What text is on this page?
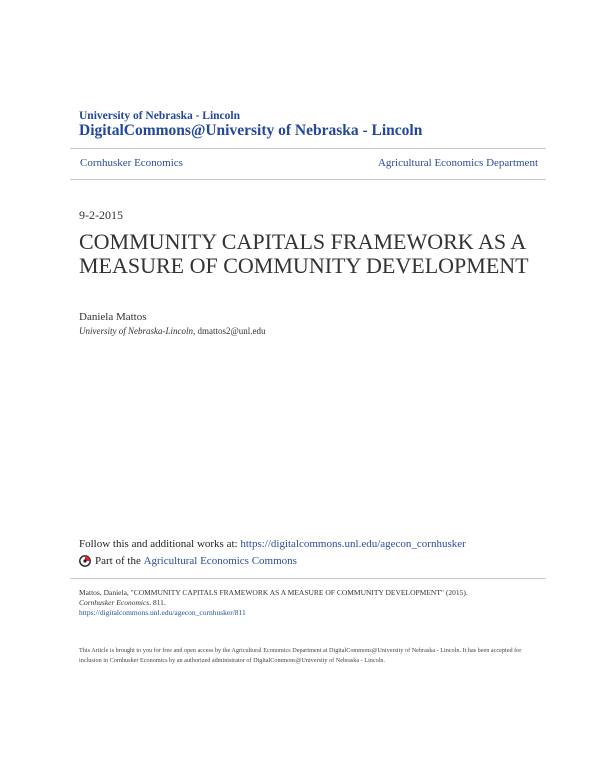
University of Nebraska - Lincoln
DigitalCommons@University of Nebraska - Lincoln
Cornhusker Economics	Agricultural Economics Department
9-2-2015
COMMUNITY CAPITALS FRAMEWORK AS A MEASURE OF COMMUNITY DEVELOPMENT
Daniela Mattos
University of Nebraska-Lincoln, dmattos2@unl.edu
Follow this and additional works at: https://digitalcommons.unl.edu/agecon_cornhusker
Part of the
Agricultural Economics Commons
Mattos, Daniela, "COMMUNITY CAPITALS FRAMEWORK AS A MEASURE OF COMMUNITY DEVELOPMENT" (2015).
Cornhusker Economics. 811.
https://digitalcommons.unl.edu/agecon_cornhusker/811
This Article is brought to you for free and open access by the Agricultural Economics Department at DigitalCommons@University of Nebraska - Lincoln. It has been accepted for inclusion in Cornhusker Economics by an authorized administrator of DigitalCommons@University of Nebraska - Lincoln.
